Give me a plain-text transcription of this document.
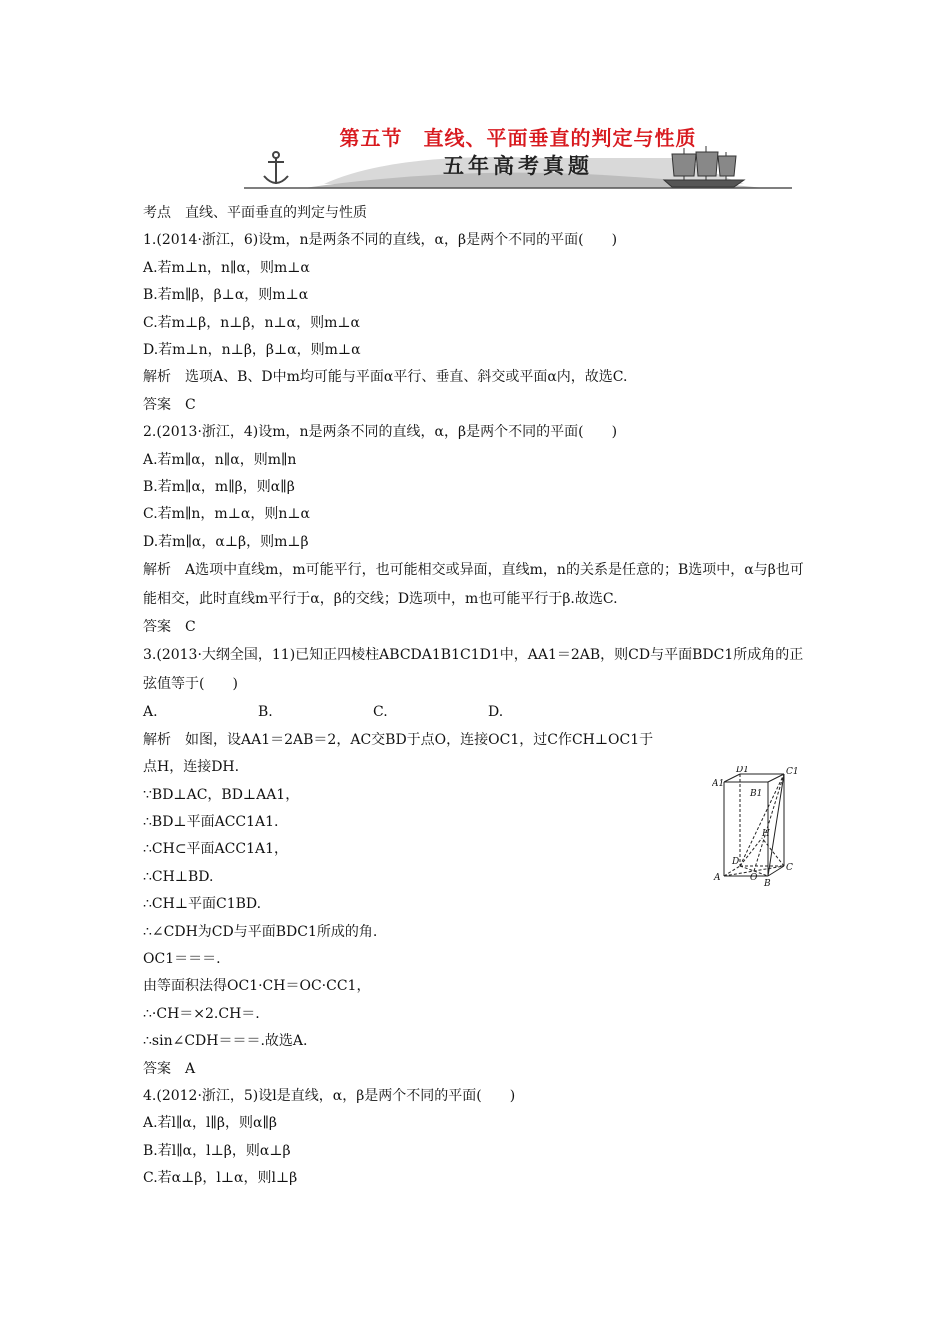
第五节　直线、平面垂直的判定与性质
五年高考真题
考点　直线、平面垂直的判定与性质
1.(2014·浙江，6)设m，n是两条不同的直线，α，β是两个不同的平面(　　)
A.若m⊥n，n∥α，则m⊥α
B.若m∥β，β⊥α，则m⊥α
C.若m⊥β，n⊥β，n⊥α，则m⊥α
D.若m⊥n，n⊥β，β⊥α，则m⊥α
解析　选项A、B、D中m均可能与平面α平行、垂直、斜交或平面α内，故选C.
答案　C
2.(2013·浙江，4)设m，n是两条不同的直线，α，β是两个不同的平面(　　)
A.若m∥α，n∥α，则m∥n
B.若m∥α，m∥β，则α∥β
C.若m∥n，m⊥α，则n⊥α
D.若m∥α，α⊥β，则m⊥β
解析　A选项中直线m，m可能平行，也可能相交或异面，直线m，n的关系是任意的；B选项中，α与β也可能相交，此时直线m平行于α，β的交线；D选项中，m也可能平行于β.故选C.
答案　C
3.(2013·大纲全国，11)已知正四棱柱ABCDA1B1C1D1中，AA1＝2AB，则CD与平面BDC1所成角的正弦值等于(　　)
A.	B.	C.	D.
解析　如图，设AA1＝2AB＝2，AC交BD于点O，连接OC1，过C作CH⊥OC1于
点H，连接DH.
∵BD⊥AC，BD⊥AA1，
∴BD⊥平面ACC1A1.
∴CH⊂平面ACC1A1，
∴CH⊥BD.
∴CH⊥平面C1BD.
∴∠CDH为CD与平面BDC1所成的角.
OC1＝＝＝.
由等面积法得OC1·CH＝OC·CC1，
∴·CH＝×2.CH＝.
∴sin∠CDH＝＝＝.故选A.
答案　A
4.(2012·浙江，5)设l是直线，α，β是两个不同的平面(　　)
A.若l∥α，l∥β，则α∥β
B.若l∥α，l⊥β，则α⊥β
C.若α⊥β，l⊥α，则l⊥β
D1	C1
A1
B1
H
D
C
A	O
B
